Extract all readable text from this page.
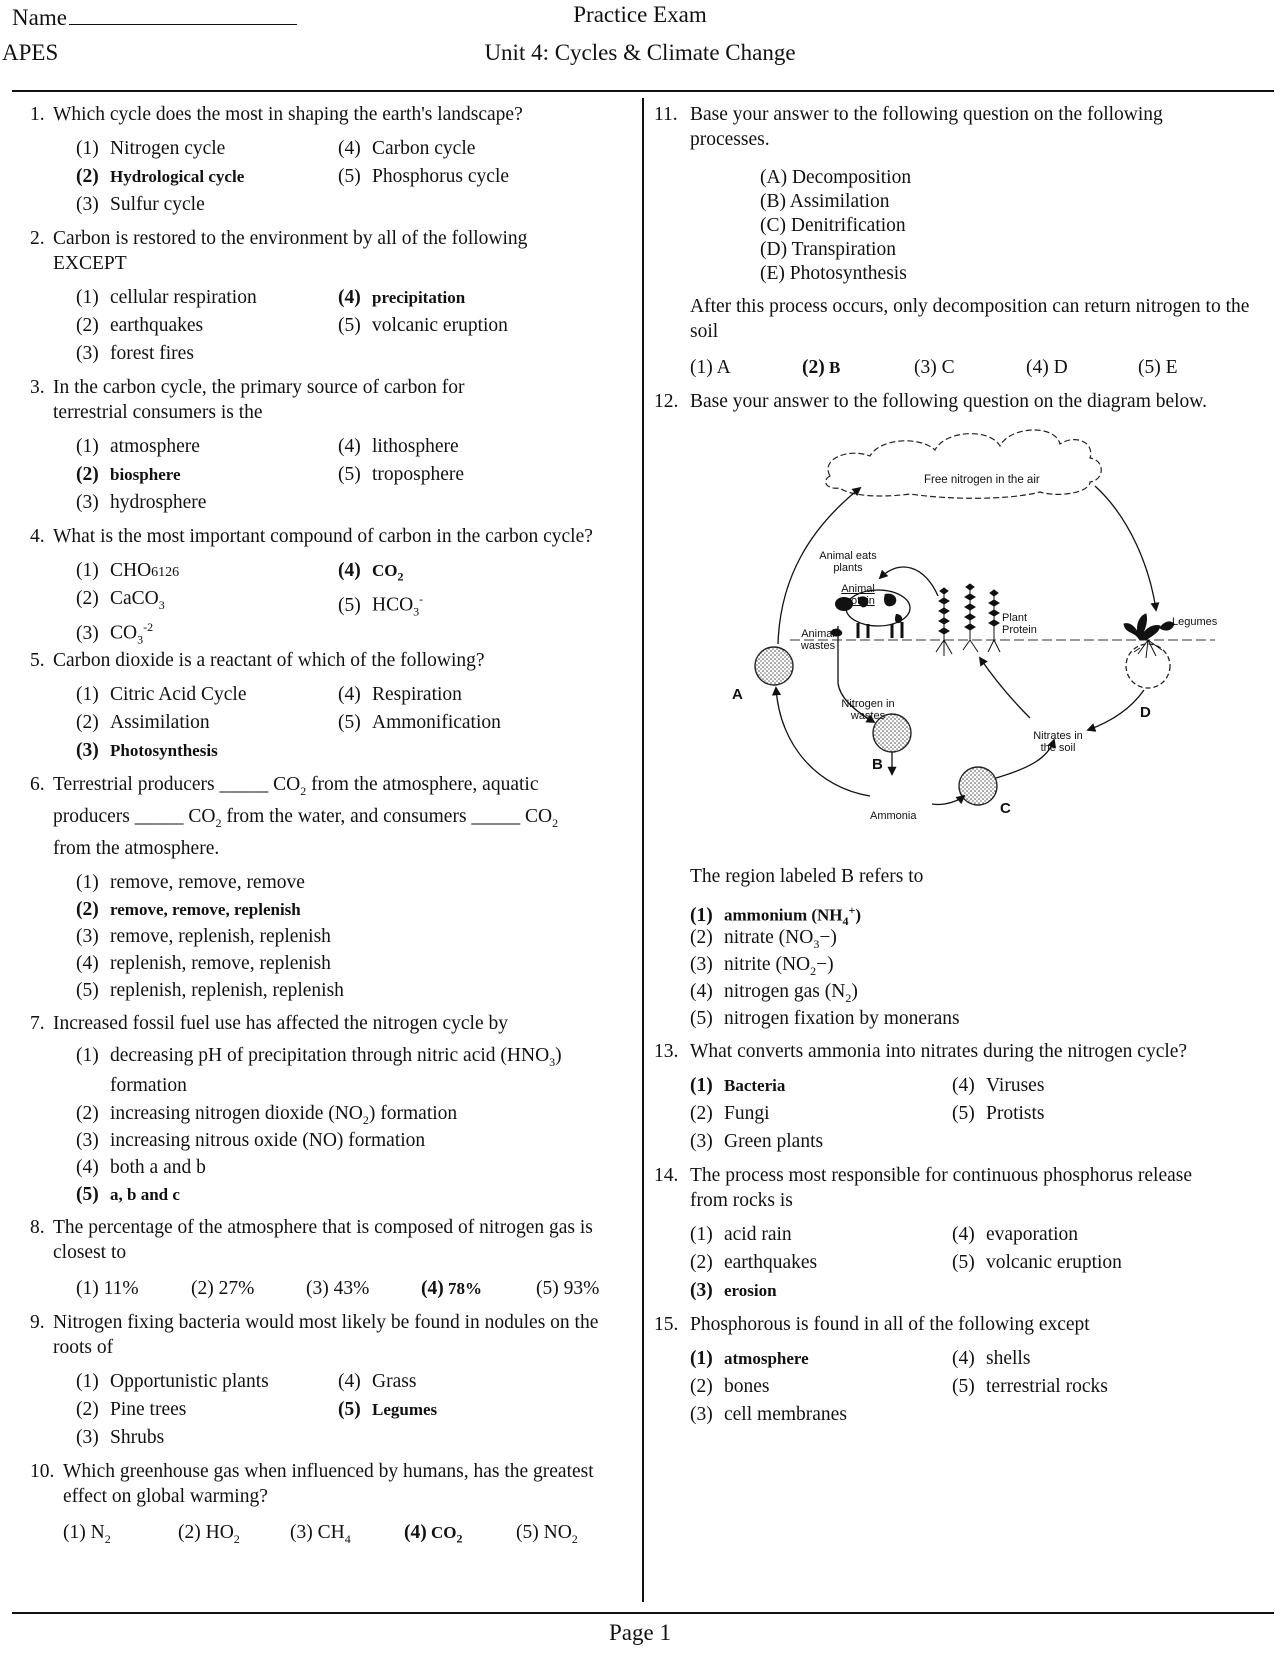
Name
APES
Practice Exam
Unit 4: Cycles & Climate Change
Page 1
1. Which cycle does the most in shaping the earth's landscape?
(1) Nitrogen cycle	(4) Carbon cycle
(2) Hydrological cycle	(5) Phosphorus cycle
(3) Sulfur cycle
2. Carbon is restored to the environment by all of the following EXCEPT
(1) cellular respiration	(4) precipitation
(2) earthquakes	(5) volcanic eruption
(3) forest fires
3. In the carbon cycle, the primary source of carbon for terrestrial consumers is the
(1) atmosphere	(4) lithosphere
(2) biosphere	(5) troposphere
(3) hydrosphere
4. What is the most important compound of carbon in the carbon cycle?
(1) CHO6126	(4) $CO_2$
(2) CaCO$_3$	(5) $HCO_3^-$
(3) $CO_3^{-2}$
5. Carbon dioxide is a reactant of which of the following?
(1) Citric Acid Cycle	(4) Respiration
(2) Assimilation	(5) Ammonification
(3) Photosynthesis
6. Terrestrial producers _____ $CO_2$ from the atmosphere, aquatic producers _____ $CO_2$ from the water, and consumers _____ $CO_2$ from the atmosphere.
(1) remove, remove, remove
(2) remove, remove, replenish
(3) remove, replenish, replenish
(4) replenish, remove, replenish
(5) replenish, replenish, replenish
7. Increased fossil fuel use has affected the nitrogen cycle by
(1) decreasing pH of precipitation through nitric acid $(HNO_3)$ formation
(2) increasing nitrogen dioxide $(NO_2)$ formation
(3) increasing nitrous oxide (NO) formation
(4) both a and b
(5) a, b and c
8. The percentage of the atmosphere that is composed of nitrogen gas is closest to
(1) 11%	(2) 27%	(3) 43%	(4) 78%	(5) 93%
9. Nitrogen fixing bacteria would most likely be found in nodules on the roots of
(1) Opportunistic plants	(4) Grass
(2) Pine trees	(5) Legumes
(3) Shrubs
10. Which greenhouse gas when influenced by humans, has the greatest effect on global warming?
(1) $N_2$	(2) $HO_2$	(3) $CH_4$	(4) $CO_2$	(5) $NO_2$
11. Base your answer to the following question on the following processes.
(A) Decomposition
(B) Assimilation
(C) Denitrification
(D) Transpiration
(E) Photosynthesis
After this process occurs, only decomposition can return nitrogen to the soil
(1) A	(2) B	(3) C	(4) D	(5) E
12. Base your answer to the following question on the diagram below.
Free nitrogen in the air
Animal eats plants
Animal protein
Plant Protein
Animal wastes
Legumes
Nitrogen in wastes
Nitrates in the soil
Ammonia
A
B
C
D
The region labeled B refers to
(1) ammonium $(NH_4^+)$
(2) nitrate $(NO_3-)$
(3) nitrite $(NO_2-)$
(4) nitrogen gas $(N_2)$
(5) nitrogen fixation by monerans
13. What converts ammonia into nitrates during the nitrogen cycle?
(1) Bacteria	(4) Viruses
(2) Fungi	(5) Protists
(3) Green plants
14. The process most responsible for continuous phosphorus release from rocks is
(1) acid rain	(4) evaporation
(2) earthquakes	(5) volcanic eruption
(3) erosion
15. Phosphorous is found in all of the following except
(1) atmosphere	(4) shells
(2) bones	(5) terrestrial rocks
(3) cell membranes
